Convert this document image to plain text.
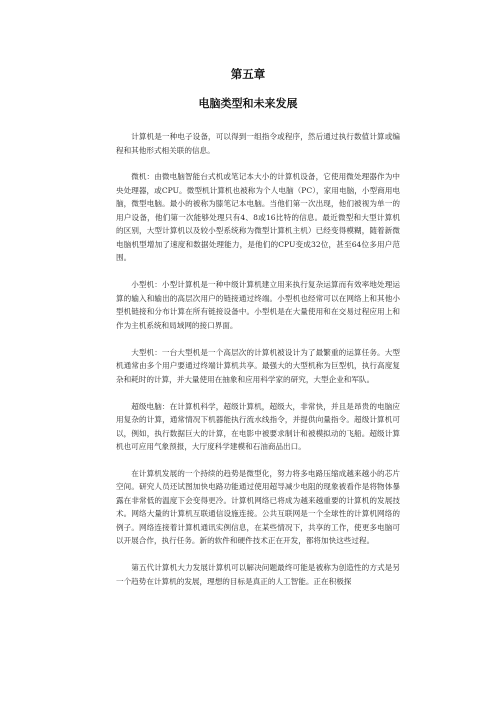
第五章
电脑类型和未来发展

计算机是一种电子设备，可以得到一组指令或程序，然后通过执行数值计算或编程和其他形式相关联的信息。

微机：由微电脑智能台式机或笔记本大小的计算机设备，它使用微处理器作为中央处理器，或CPU。微型机计算机也被称为个人电脑（PC），家用电脑，小型商用电脑，微型电脑。最小的被称为膝笔记本电脑。当他们第一次出现，他们被视为单一的用户设备，他们第一次能够处理只有4、8或16比特的信息。最近微型和大型计算机的区别，大型计算机以及较小型系统称为微型计算机主机）已经变得模糊，随着新微电脑机型增加了速度和数据处理能力，是他们的CPU变成32位，甚至64位多用户范围。

小型机：小型计算机是一种中级计算机建立用来执行复杂运算而有效率地处理运算的输入和输出的高层次用户的链接通过终端。小型机也经常可以在网络上和其他小型机链接和分布计算在所有链接设备中。小型机是在大量使用和在交易过程应用上和作为主机系统和局域网的接口界面。

大型机：一台大型机是一个高层次的计算机被设计为了最繁重的运算任务。大型机通常由多个用户要通过终端计算机共享。最强大的大型机称为巨型机，执行高度复杂和耗时的计算，并大量使用在抽象和应用科学家的研究，大型企业和军队。

超级电脑：在计算机科学，超级计算机，超级大，非常快，并且是昂贵的电脑应用复杂的计算，通常情况下机器能执行流水线指令，并提供向量指令。超级计算机可以，例如，执行数据巨大的计算，在电影中被要求制计和被模拟动的飞船。超级计算机也可应用气象预报，大厅度科学建模和石油商品出口。

在计算机发展的一个持续的趋势是微型化，努力将多电路压缩成越来越小的芯片空间。研究人员还试图加快电路功能通过使用超导减少电阻的现象被看作是将物体暴露在非常低的温度下会变得更冷。计算机网络已将成为越来越重要的计算机的发展技术。网络大量的计算机互联通信设施连接。公共互联网是一个全球性的计算机网络的例子。网络连接着计算机通讯实例信息，在某些情况下，共享的工作，使更多电脑可以开展合作，执行任务。新的软件和硬件技术正在开发，都将加快这些过程。

第五代计算机大力发展计算机可以解决问题最终可能是被称为创造性的方式是另一个趋势在计算机的发展，理想的目标是真正的人工智能。正在积极探
